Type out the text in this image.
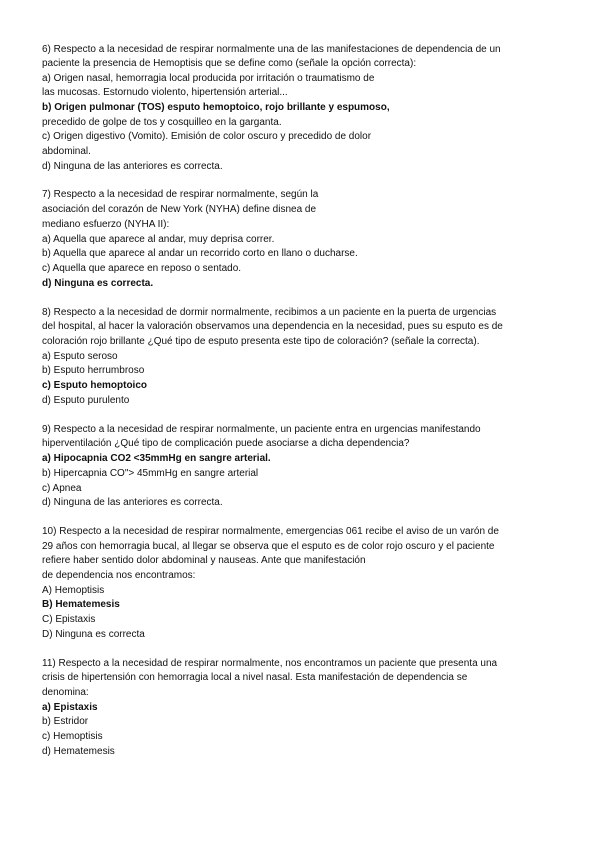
6) Respecto a la necesidad de respirar normalmente una de las manifestaciones de dependencia de un
paciente la presencia de Hemoptisis que se define como (señale la opción correcta):
a) Origen nasal, hemorragia local producida por irritación o traumatismo de
las mucosas. Estornudo violento, hipertensión arterial...
b) Origen pulmonar (TOS) esputo hemoptoico, rojo brillante y espumoso,
precedido de golpe de tos y cosquilleo en la garganta.
c) Origen digestivo (Vomito). Emisión de color oscuro y precedido de dolor
abdominal.
d) Ninguna de las anteriores es correcta.
7) Respecto a la necesidad de respirar normalmente, según la
asociación del corazón de New York (NYHA) define disnea de
mediano esfuerzo (NYHA II):
a) Aquella que aparece al andar, muy deprisa correr.
b) Aquella que aparece al andar un recorrido corto en llano o ducharse.
c) Aquella que aparece en reposo o sentado.
d) Ninguna es correcta.
8) Respecto a la necesidad de dormir normalmente, recibimos a un paciente en la puerta de urgencias
del hospital, al hacer la valoración observamos una dependencia en la necesidad, pues su esputo es de
coloración rojo brillante ¿Qué tipo de esputo presenta este tipo de coloración? (señale la correcta).
a) Esputo seroso
b) Esputo herrumbroso
c) Esputo hemoptoico
d) Esputo purulento
9) Respecto a la necesidad de respirar normalmente, un paciente entra en urgencias manifestando
hiperventilación ¿Qué tipo de complicación puede asociarse a dicha dependencia?
a) Hipocapnia CO2 <35mmHg en sangre arterial.
b) Hipercapnia CO"> 45mmHg en sangre arterial
c) Apnea
d) Ninguna de las anteriores es correcta.
10) Respecto a la necesidad de respirar normalmente, emergencias 061 recibe el aviso de un varón de
29 años con hemorragia bucal, al llegar se observa que el esputo es de color rojo oscuro y el paciente
refiere haber sentido dolor abdominal y nauseas. Ante que manifestación
de dependencia nos encontramos:
A) Hemoptisis
B) Hematemesis
C) Epistaxis
D) Ninguna es correcta
11) Respecto a la necesidad de respirar normalmente, nos encontramos un paciente que presenta una
crisis de hipertensión con hemorragia local a nivel nasal. Esta manifestación de dependencia se
denomina:
a) Epistaxis
b) Estridor
c) Hemoptisis
d) Hematemesis
